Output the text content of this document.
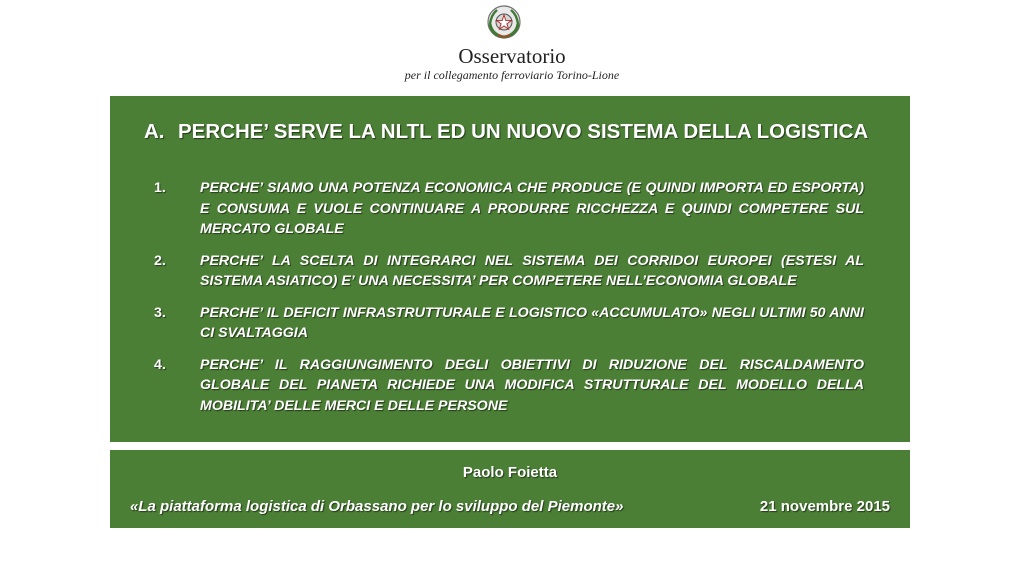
Osservatorio
per il collegamento ferroviario Torino-Lione
A. PERCHE’ SERVE LA NLTL ED UN NUOVO SISTEMA DELLA LOGISTICA
1. PERCHE’ SIAMO UNA POTENZA ECONOMICA CHE PRODUCE (E QUINDI IMPORTA ED ESPORTA) E CONSUMA E VUOLE CONTINUARE A PRODURRE RICCHEZZA E QUINDI COMPETERE SUL MERCATO GLOBALE
2. PERCHE’ LA SCELTA DI INTEGRARCI NEL SISTEMA DEI CORRIDOI EUROPEI (ESTESI AL SISTEMA ASIATICO) E’ UNA NECESSITA’ PER COMPETERE NELL’ECONOMIA GLOBALE
3. PERCHE’ IL DEFICIT INFRASTRUTTURALE E LOGISTICO «ACCUMULATO» NEGLI ULTIMI 50 ANNI CI SVALTAGGIA
4. PERCHE’ IL RAGGIUNGIMENTO DEGLI OBIETTIVI DI RIDUZIONE DEL RISCALDAMENTO GLOBALE DEL PIANETA RICHIEDE UNA MODIFICA STRUTTURALE DEL MODELLO DELLA MOBILITA’ DELLE MERCI E DELLE PERSONE
Paolo Foietta
«La piattaforma logistica di Orbassano per lo sviluppo del Piemonte»	21 novembre 2015
